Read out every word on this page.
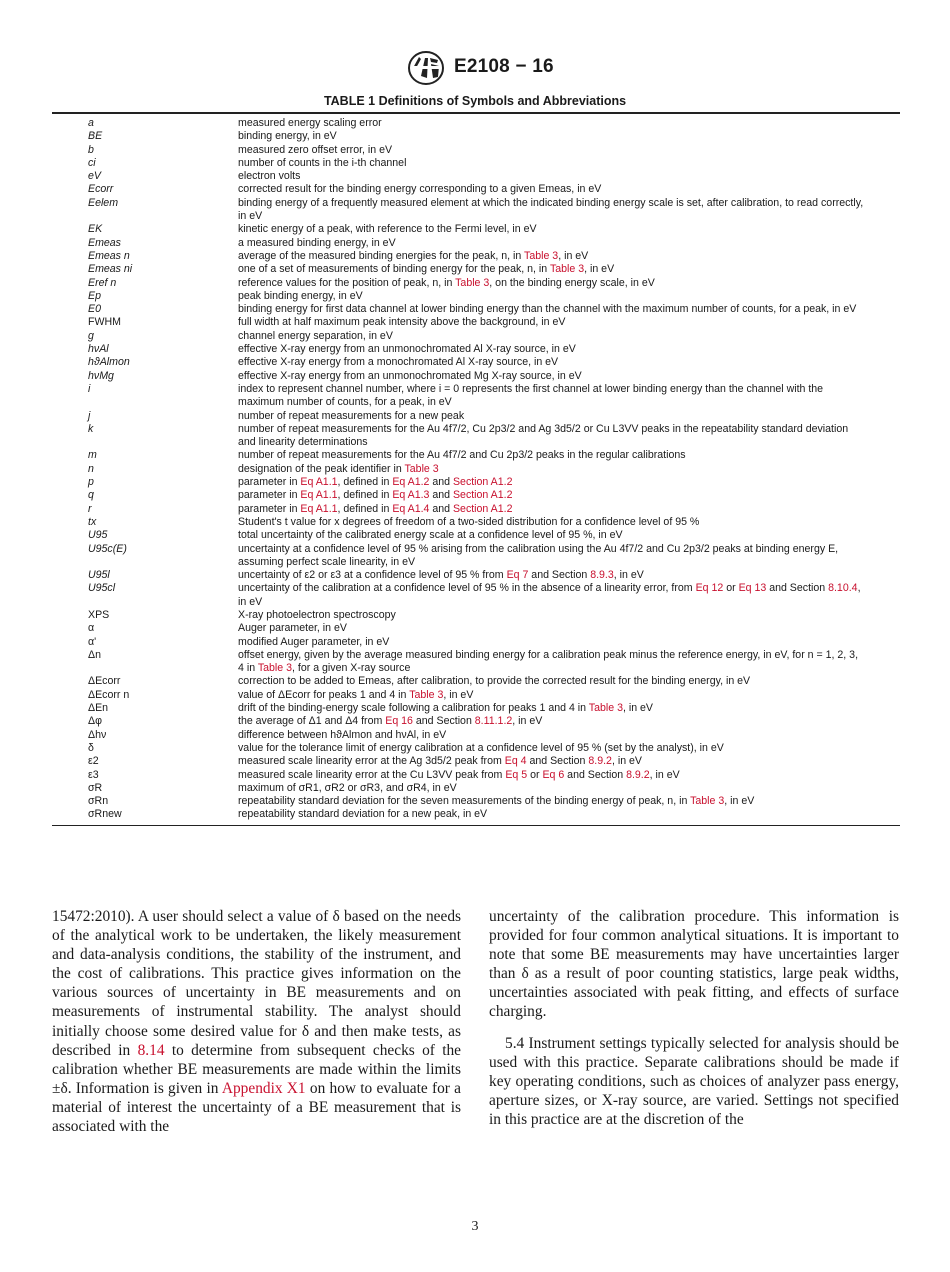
E2108 − 16
TABLE 1 Definitions of Symbols and Abbreviations
a	measured energy scaling error
BE	binding energy, in eV
b	measured zero offset error, in eV
ci	number of counts in the i-th channel
eV	electron volts
Ecorr	corrected result for the binding energy corresponding to a given Emeas, in eV
Eelem	binding energy of a frequently measured element at which the indicated binding energy scale is set, after calibration, to read correctly, in eV
EK	kinetic energy of a peak, with reference to the Fermi level, in eV
Emeas	a measured binding energy, in eV
Emeas n	average of the measured binding energies for the peak, n, in Table 3, in eV
Emeas ni	one of a set of measurements of binding energy for the peak, n, in Table 3, in eV
Eref n	reference values for the position of peak, n, in Table 3, on the binding energy scale, in eV
Ep	peak binding energy, in eV
E0	binding energy for first data channel at lower binding energy than the channel with the maximum number of counts, for a peak, in eV
FWHM	full width at half maximum peak intensity above the background, in eV
g	channel energy separation, in eV
hνAl	effective X-ray energy from an unmonochromated Al X-ray source, in eV
hϑAlmon	effective X-ray energy from a monochromated Al X-ray source, in eV
hνMg	effective X-ray energy from an unmonochromated Mg X-ray source, in eV
i	index to represent channel number, where i = 0 represents the first channel at lower binding energy than the channel with the maximum number of counts, for a peak, in eV
j	number of repeat measurements for a new peak
k	number of repeat measurements for the Au 4f7/2, Cu 2p3/2 and Ag 3d5/2 or Cu L3VV peaks in the repeatability standard deviation and linearity determinations
m	number of repeat measurements for the Au 4f7/2 and Cu 2p3/2 peaks in the regular calibrations
n	designation of the peak identifier in Table 3
p	parameter in Eq A1.1, defined in Eq A1.2 and Section A1.2
q	parameter in Eq A1.1, defined in Eq A1.3 and Section A1.2
r	parameter in Eq A1.1, defined in Eq A1.4 and Section A1.2
tx	Student's t value for x degrees of freedom of a two-sided distribution for a confidence level of 95 %
U95	total uncertainty of the calibrated energy scale at a confidence level of 95 %, in eV
U95c(E)	uncertainty at a confidence level of 95 % arising from the calibration using the Au 4f7/2 and Cu 2p3/2 peaks at binding energy E, assuming perfect scale linearity, in eV
U95l	uncertainty of ε2 or ε3 at a confidence level of 95 % from Eq 7 and Section 8.9.3, in eV
U95cl	uncertainty of the calibration at a confidence level of 95 % in the absence of a linearity error, from Eq 12 or Eq 13 and Section 8.10.4, in eV
XPS	X-ray photoelectron spectroscopy
α	Auger parameter, in eV
α'	modified Auger parameter, in eV
Δn	offset energy, given by the average measured binding energy for a calibration peak minus the reference energy, in eV, for n = 1, 2, 3, 4 in Table 3, for a given X-ray source
ΔEcorr	correction to be added to Emeas, after calibration, to provide the corrected result for the binding energy, in eV
ΔEcorr n	value of ΔEcorr for peaks 1 and 4 in Table 3, in eV
ΔEn	drift of the binding-energy scale following a calibration for peaks 1 and 4 in Table 3, in eV
Δφ	the average of Δ1 and Δ4 from Eq 16 and Section 8.11.1.2, in eV
Δhν	difference between hϑAlmon and hνAl, in eV
δ	value for the tolerance limit of energy calibration at a confidence level of 95 % (set by the analyst), in eV
ε2	measured scale linearity error at the Ag 3d5/2 peak from Eq 4 and Section 8.9.2, in eV
ε3	measured scale linearity error at the Cu L3VV peak from Eq 5 or Eq 6 and Section 8.9.2, in eV
σR	maximum of σR1, σR2 or σR3, and σR4, in eV
σRn	repeatability standard deviation for the seven measurements of the binding energy of peak, n, in Table 3, in eV
σRnew	repeatability standard deviation for a new peak, in eV

15472:2010). A user should select a value of δ based on the needs of the analytical work to be undertaken, the likely measurement and data-analysis conditions, the stability of the instrument, and the cost of calibrations. This practice gives information on the various sources of uncertainty in BE measurements and on measurements of instrumental stability. The analyst should initially choose some desired value for δ and then make tests, as described in 8.14 to determine from subsequent checks of the calibration whether BE measurements are made within the limits ±δ. Information is given in Appendix X1 on how to evaluate for a material of interest the uncertainty of a BE measurement that is associated with the

uncertainty of the calibration procedure. This information is provided for four common analytical situations. It is important to note that some BE measurements may have uncertainties larger than δ as a result of poor counting statistics, large peak widths, uncertainties associated with peak fitting, and effects of surface charging.

5.4 Instrument settings typically selected for analysis should be used with this practice. Separate calibrations should be made if key operating conditions, such as choices of analyzer pass energy, aperture sizes, or X-ray source, are varied. Settings not specified in this practice are at the discretion of the

3
